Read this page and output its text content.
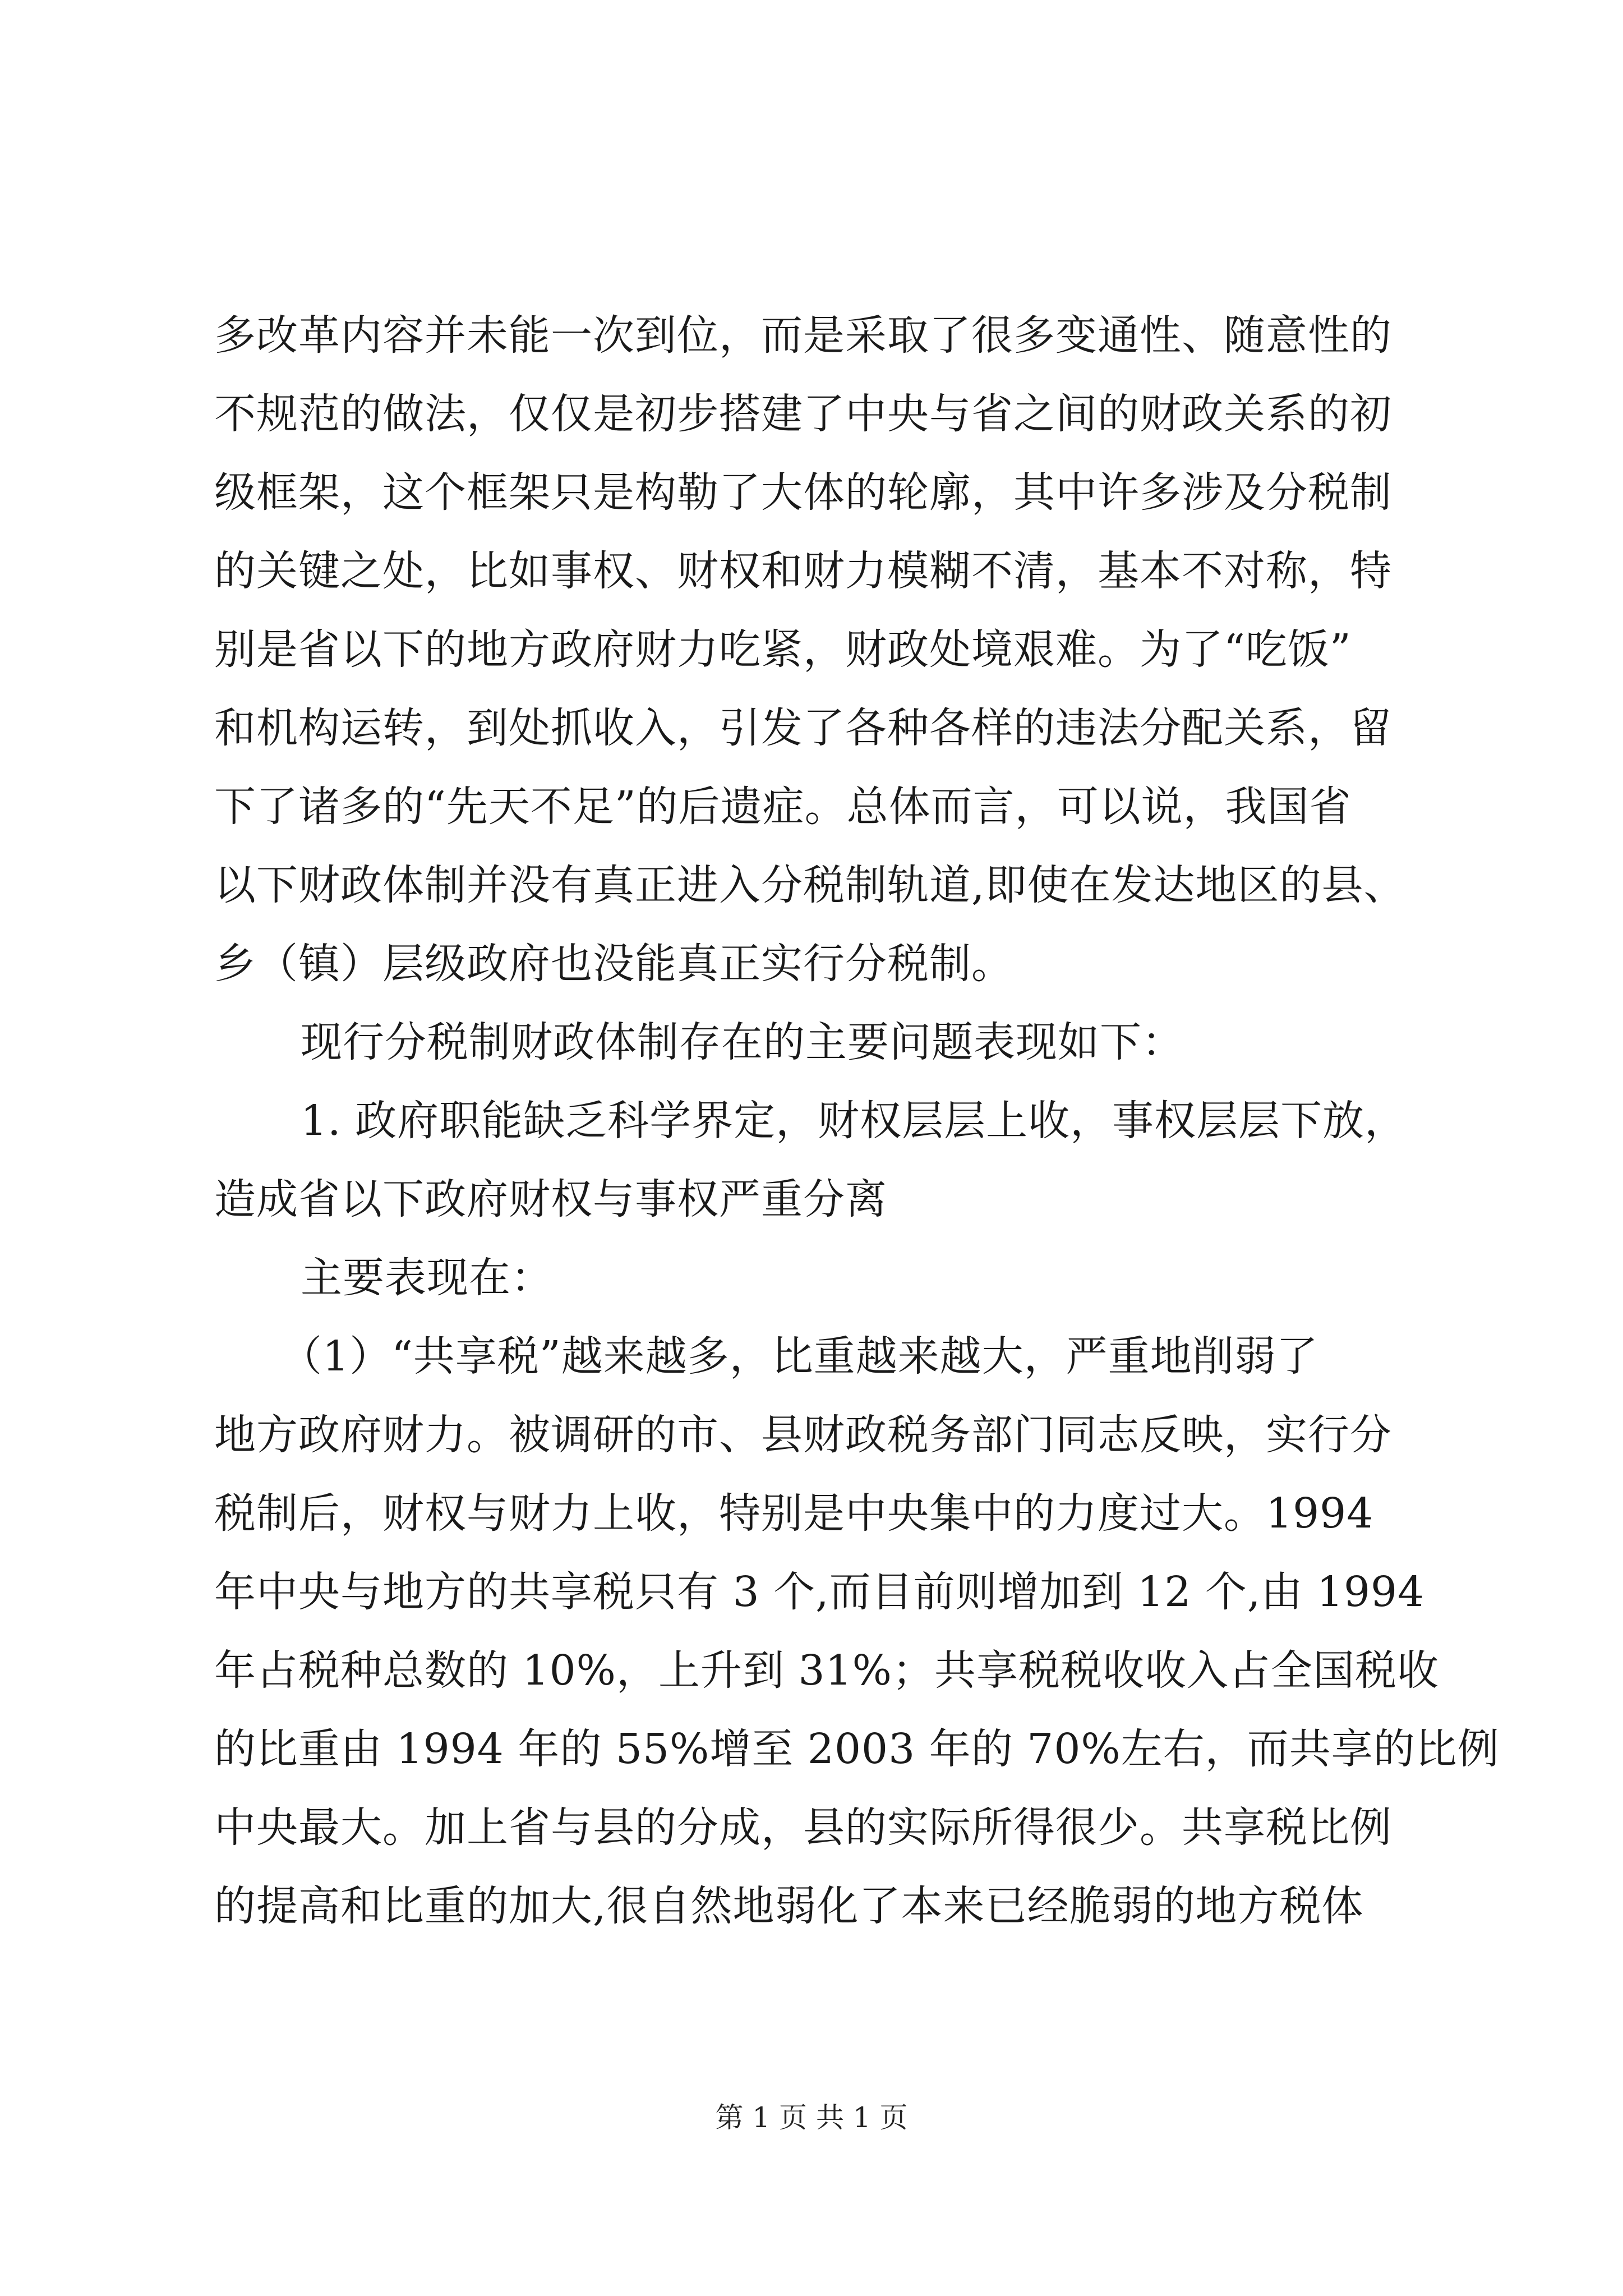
多改革内容并未能一次到位，而是采取了很多变通性、随意性的
不规范的做法，仅仅是初步搭建了中央与省之间的财政关系的初
级框架，这个框架只是构勒了大体的轮廓，其中许多涉及分税制
的关键之处，比如事权、财权和财力模糊不清，基本不对称，特
别是省以下的地方政府财力吃紧，财政处境艰难。为了“吃饭”
和机构运转，到处抓收入，引发了各种各样的违法分配关系，留
下了诸多的“先天不足”的后遗症。总体而言，可以说，我国省
以下财政体制并没有真正进入分税制轨道,即使在发达地区的县、
乡（镇）层级政府也没能真正实行分税制。
现行分税制财政体制存在的主要问题表现如下：
1. 政府职能缺乏科学界定，财权层层上收，事权层层下放，
造成省以下政府财权与事权严重分离
主要表现在：
（1）“共享税”越来越多，比重越来越大，严重地削弱了
地方政府财力。被调研的市、县财政税务部门同志反映，实行分
税制后，财权与财力上收，特别是中央集中的力度过大。1994
年中央与地方的共享税只有 3 个,而目前则增加到 12 个,由 1994
年占税种总数的 10%，上升到 31%；共享税税收收入占全国税收
的比重由 1994 年的 55%增至 2003 年的 70%左右，而共享的比例
中央最大。加上省与县的分成，县的实际所得很少。共享税比例
的提高和比重的加大,很自然地弱化了本来已经脆弱的地方税体
第 1 页 共 1 页
